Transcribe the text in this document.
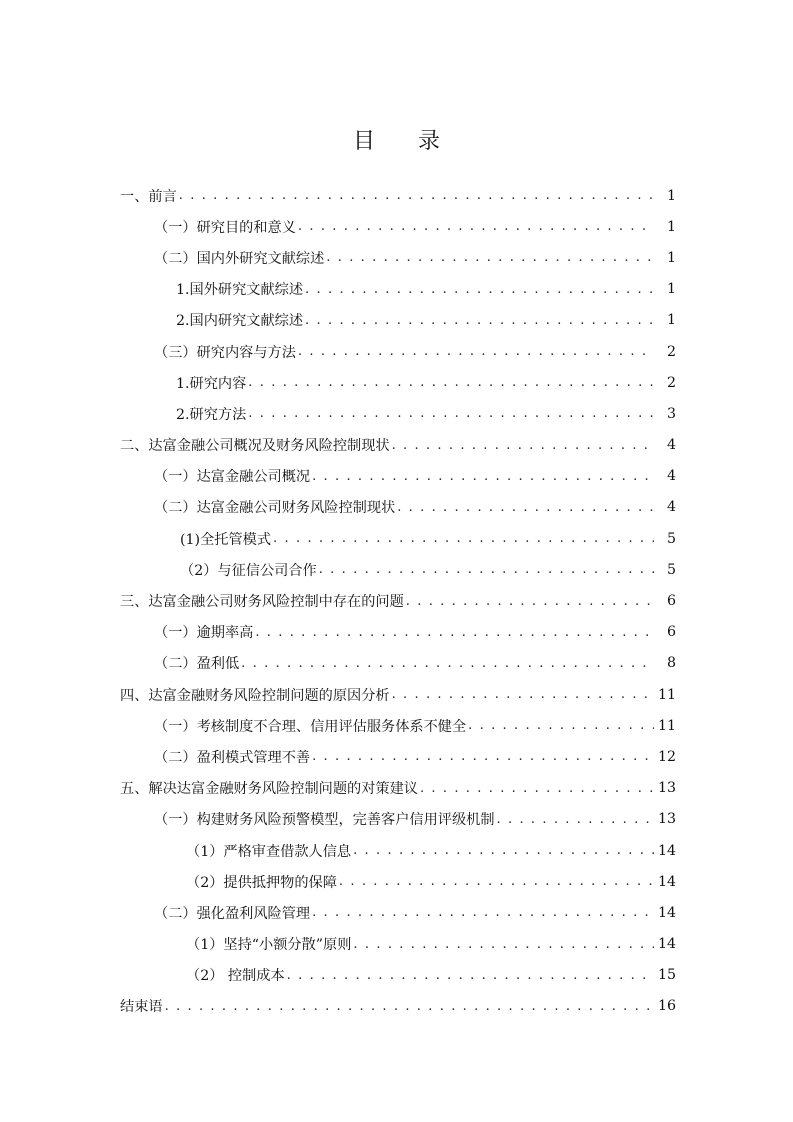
目 录
一、前言 . . .	1
（一）研究目的和意义 . . .	1
（二）国内外研究文献综述 . . .	1
1.国外研究文献综述 . . .	1
2.国内研究文献综述 . . .	1
（三）研究内容与方法 . . .	2
1.研究内容 . . .	2
2.研究方法 . . .	3
二、达富金融公司概况及财务风险控制现状 . . .	4
（一）达富金融公司概况 . . .	4
（二）达富金融公司财务风险控制现状 . . .	4
(1)全托管模式 . . .	5
（2）与征信公司合作 . . .	5
三、达富金融公司财务风险控制中存在的问题 . . .	6
（一）逾期率高 . . .	6
（二）盈利低 . . .	8
四、达富金融财务风险控制问题的原因分析 . . .	11
（一）考核制度不合理、信用评估服务体系不健全 . . .	11
（二）盈利模式管理不善 . . .	12
五、解决达富金融财务风险控制问题的对策建议 . . .	13
（一）构建财务风险预警模型，完善客户信用评级机制 . . .	13
（1）严格审查借款人信息 . . .	14
（2）提供抵押物的保障 . . .	14
（二）强化盈利风险管理 . . .	14
（1）坚持“小额分散”原则 . . .	14
（2） 控制成本 . . .	15
结束语 . . .	16
